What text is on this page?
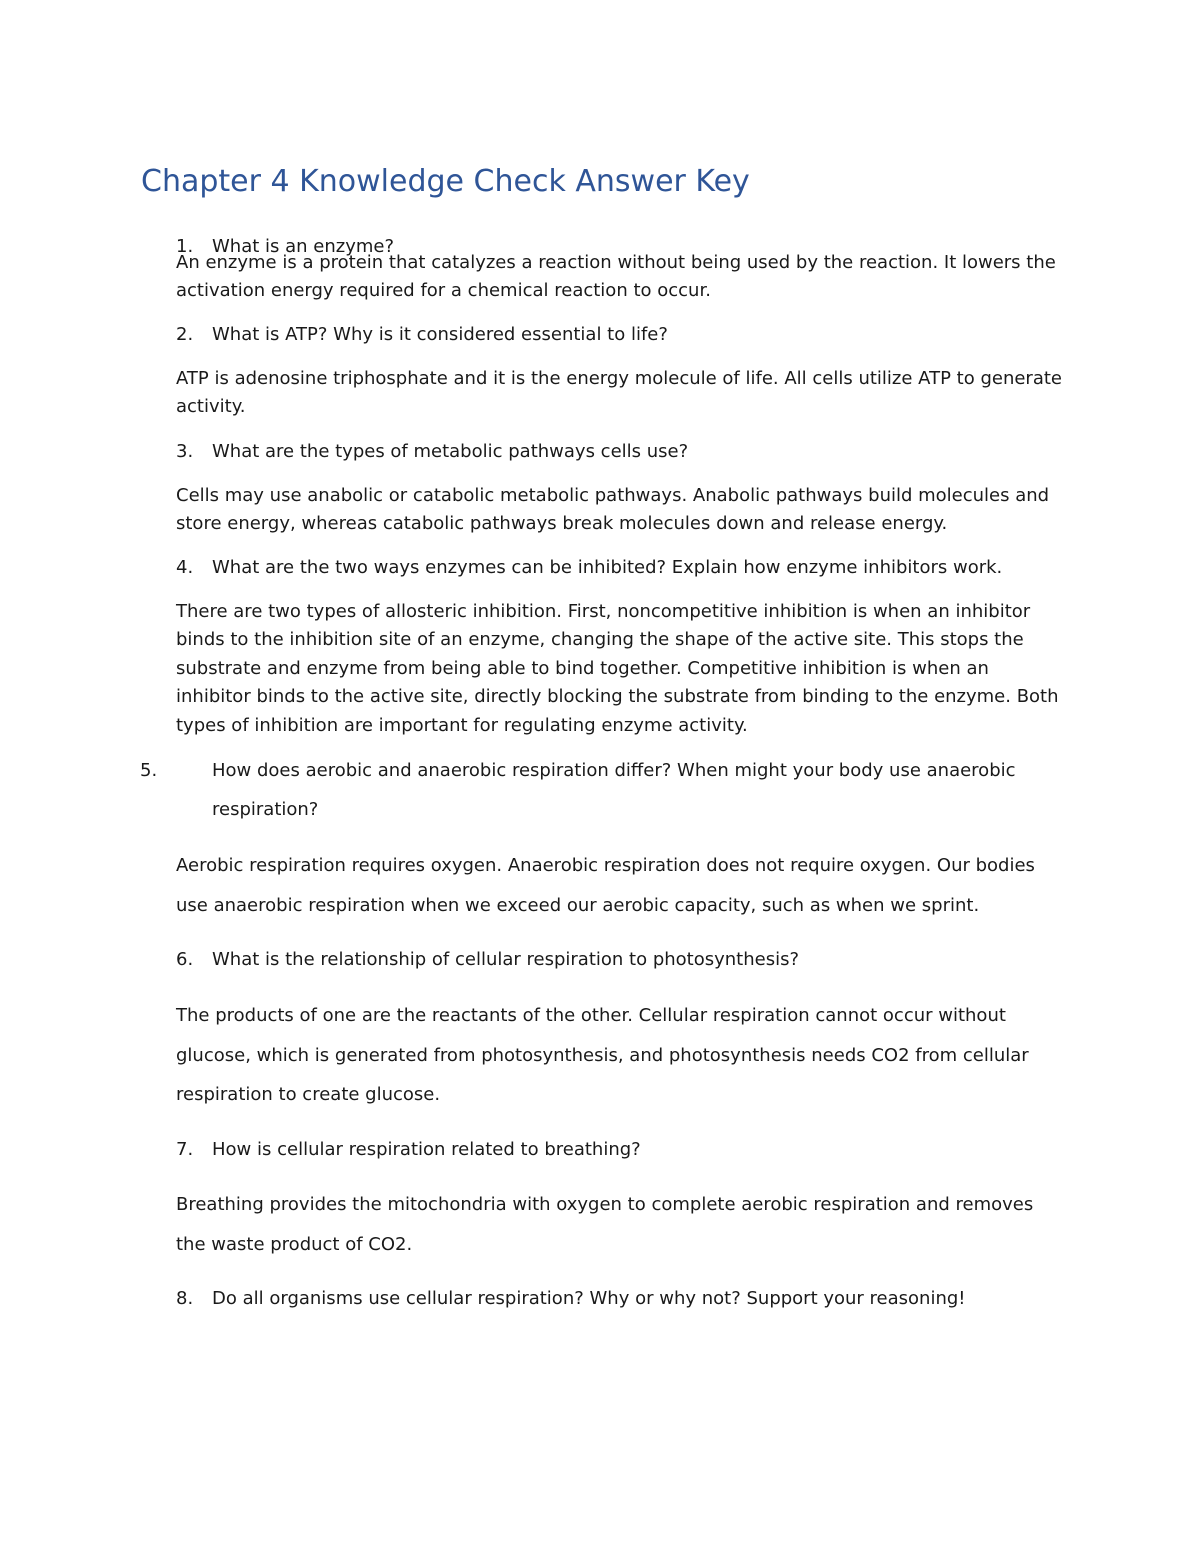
Chapter 4 Knowledge Check Answer Key
1. What is an enzyme?

An enzyme is a protein that catalyzes a reaction without being used by the reaction. It lowers the activation energy required for a chemical reaction to occur.

2. What is ATP? Why is it considered essential to life?

ATP is adenosine triphosphate and it is the energy molecule of life. All cells utilize ATP to generate activity.

3. What are the types of metabolic pathways cells use?

Cells may use anabolic or catabolic metabolic pathways. Anabolic pathways build molecules and store energy, whereas catabolic pathways break molecules down and release energy.

4. What are the two ways enzymes can be inhibited? Explain how enzyme inhibitors work.

There are two types of allosteric inhibition. First, noncompetitive inhibition is when an inhibitor binds to the inhibition site of an enzyme, changing the shape of the active site. This stops the substrate and enzyme from being able to bind together. Competitive inhibition is when an inhibitor binds to the active site, directly blocking the substrate from binding to the enzyme. Both types of inhibition are important for regulating enzyme activity.

5.	How does aerobic and anaerobic respiration differ? When might your body use anaerobic respiration?

Aerobic respiration requires oxygen. Anaerobic respiration does not require oxygen. Our bodies use anaerobic respiration when we exceed our aerobic capacity, such as when we sprint.

6. What is the relationship of cellular respiration to photosynthesis?

The products of one are the reactants of the other. Cellular respiration cannot occur without glucose, which is generated from photosynthesis, and photosynthesis needs CO2 from cellular respiration to create glucose.

7. How is cellular respiration related to breathing?

Breathing provides the mitochondria with oxygen to complete aerobic respiration and removes the waste product of CO2.

8. Do all organisms use cellular respiration? Why or why not? Support your reasoning!
